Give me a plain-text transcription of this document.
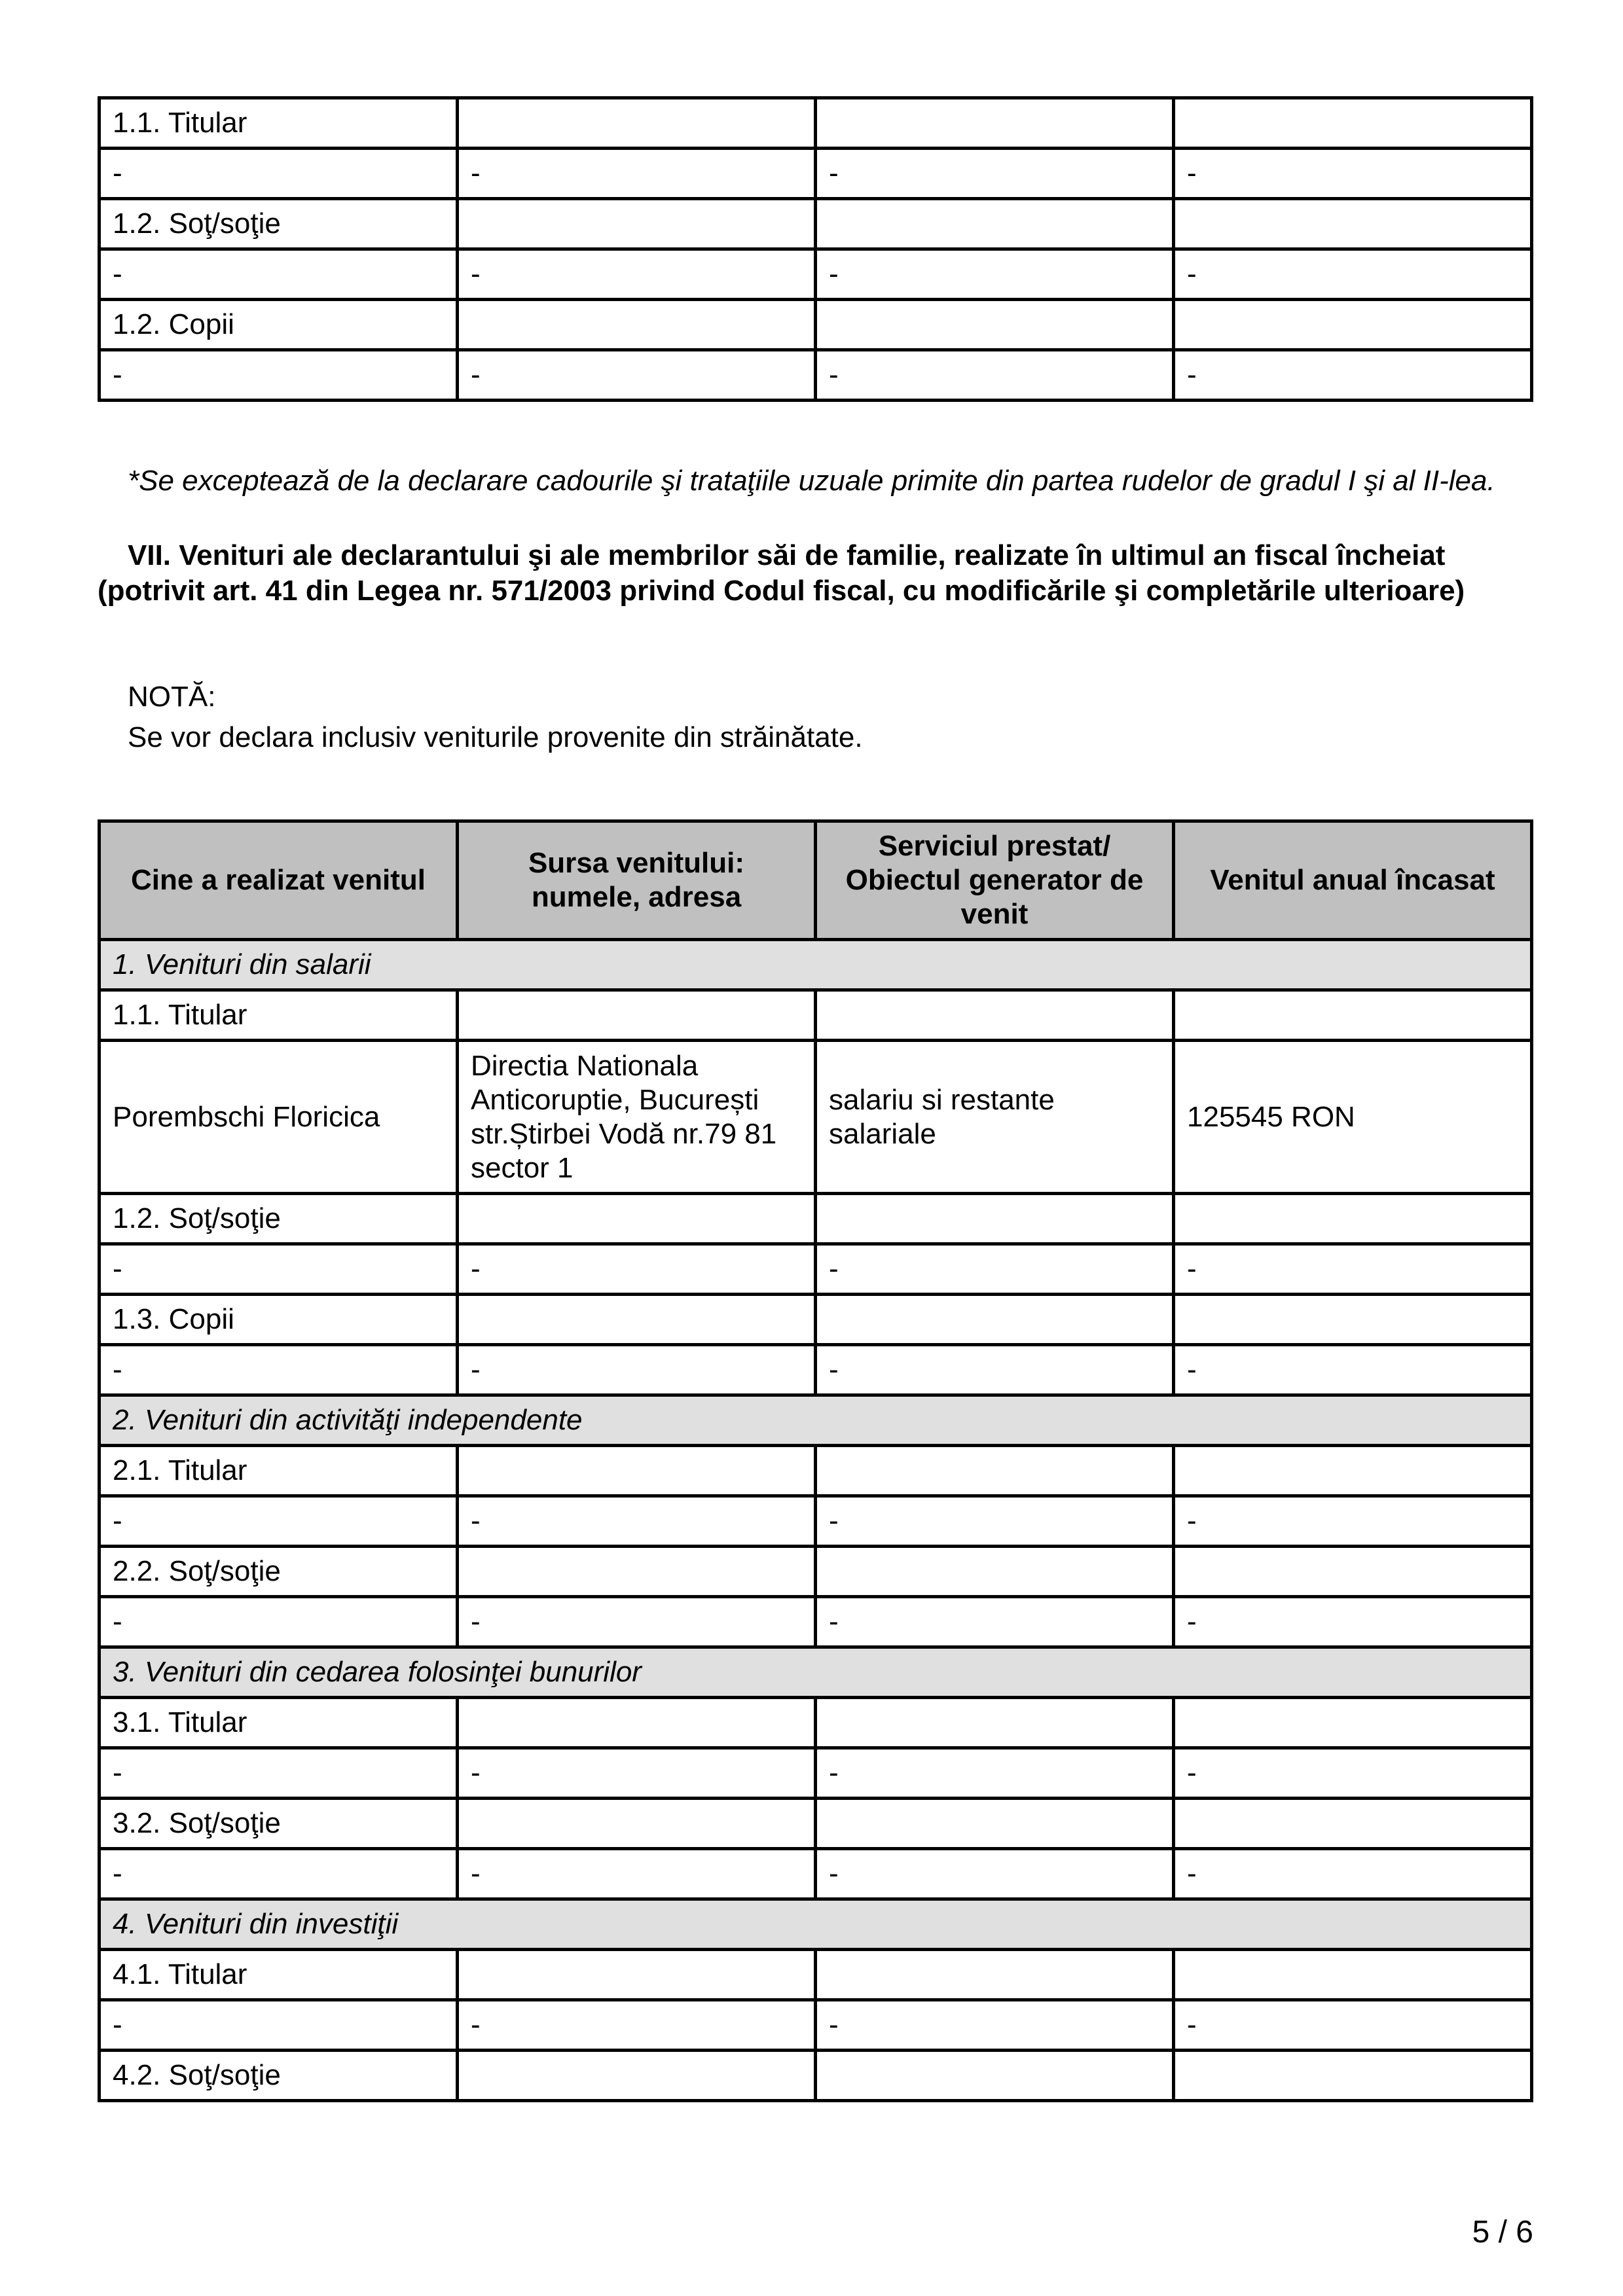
1.1. Titular			
-	-	-	-
1.2. Soţ/soţie			
-	-	-	-
1.2. Copii			
-	-	-	-
*Se exceptează de la declarare cadourile şi trataţiile uzuale primite din partea rudelor de gradul I şi al II-lea.
VII. Venituri ale declarantului şi ale membrilor săi de familie, realizate în ultimul an fiscal încheiat (potrivit art. 41 din Legea nr. 571/2003 privind Codul fiscal, cu modificările şi completările ulterioare)
NOTĂ:
Se vor declara inclusiv veniturile provenite din străinătate.
Cine a realizat venitul	Sursa venitului: numele, adresa	Serviciul prestat/ Obiectul generator de venit	Venitul anual încasat
1. Venituri din salarii			
1.1. Titular			
Porembschi Floricica	Directia Nationala Anticoruptie, București str.Știrbei Vodă nr.79 81 sector 1	salariu si restante salariale	125545 RON
1.2. Soţ/soţie			
-	-	-	-
1.3. Copii			
-	-	-	-
2. Venituri din activităţi independente			
2.1. Titular			
-	-	-	-
2.2. Soţ/soţie			
-	-	-	-
3. Venituri din cedarea folosinţei bunurilor			
3.1. Titular			
-	-	-	-
3.2. Soţ/soţie			
-	-	-	-
4. Venituri din investiţii			
4.1. Titular			
-	-	-	-
4.2. Soţ/soţie			
5 / 6
